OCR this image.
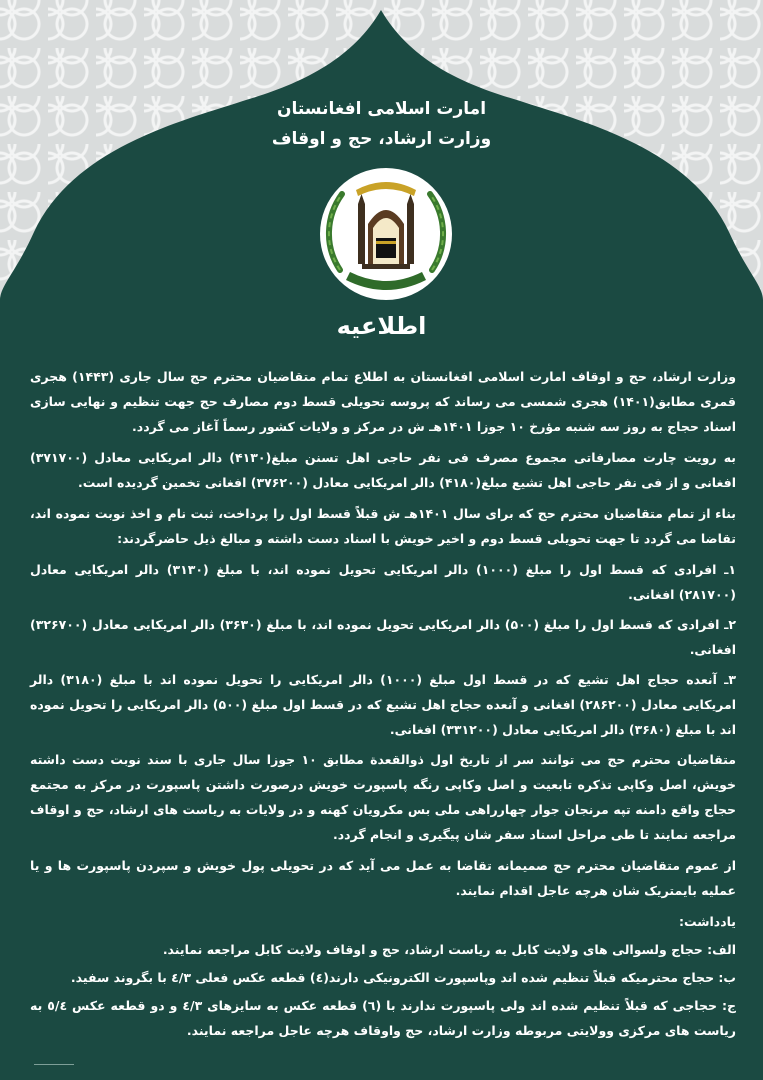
امارت اسلامی افغانستان
وزارت ارشاد، حج و اوقاف
اطلاعیه

وزارت ارشاد، حج و اوقاف امارت اسلامی افغانستان به اطلاع تمام متقاضیان محترم حج سال جاری (۱۴۴۳) هجری قمری مطابق(۱۴۰۱) هجری شمسی می رساند که پروسه تحویلی قسط دوم مصارف حج جهت تنظیم و نهایی سازی اسناد حجاج به روز سه شنبه مؤرخ ۱۰ جوزا ۱۴۰۱هـ ش در مرکز و ولایات کشور رسماً آغاز می گردد.

به رویت چارت مصارفاتی مجموع مصرف فی نفر حاجی اهل تسنن مبلغ(۴۱۳۰) دالر امریکایی معادل (۳۷۱۷۰۰) افغانی و از فی نفر حاجی اهل تشیع مبلغ(۴۱۸۰) دالر امریکایی معادل (۳۷۶۲۰۰) افغانی تخمین گردیده است.

بناء از تمام متقاضیان محترم حج که برای سال ۱۴۰۱هـ ش قبلاً قسط اول را پرداخت، ثبت نام و اخذ نوبت نموده اند، تقاضا می گردد تا جهت تحویلی قسط دوم و اخیر خویش با اسناد دست داشته و مبالغ ذیل حاضرگردند:

۱ـ افرادی که قسط اول را مبلغ (۱۰۰۰) دالر امریکایی تحویل نموده اند، با مبلغ (۳۱۳۰) دالر امریکایی معادل (۲۸۱۷۰۰) افغانی.

۲ـ افرادی که قسط اول را مبلغ (۵۰۰) دالر امریکایی تحویل نموده اند، با مبلغ (۳۶۳۰) دالر امریکایی معادل (۳۲۶۷۰۰) افغانی.

۳ـ آنعده حجاج اهل تشیع که در قسط اول مبلغ (۱۰۰۰) دالر امریکایی را تحویل نموده اند با مبلغ (۳۱۸۰) دالر امریکایی معادل (۲۸۶۲۰۰) افغانی و آنعده حجاج اهل تشیع که در قسط اول مبلغ (۵۰۰) دالر امریکایی را تحویل نموده اند با مبلغ (۳۶۸۰) دالر امریکایی معادل (۳۳۱۲۰۰) افغانی.

متقاضیان محترم حج می توانند سر از تاریخ اول ذوالقعدة مطابق ۱۰ جوزا سال جاری با سند نوبت دست داشته خویش، اصل وکاپی تذکره تابعیت و اصل وکاپی رنگه پاسپورت خویش درصورت داشتن پاسپورت در مرکز به مجتمع حجاج واقع دامنه تپه مرنجان جوار چهارراهی ملی بس مکرویان کهنه و در ولایات به ریاست های ارشاد، حج و اوقاف مراجعه نمایند تا طی مراحل اسناد سفر شان پیگیری و انجام گردد.

از عموم متقاضیان محترم حج صمیمانه تقاضا به عمل می آید که در تحویلی پول خویش و سپردن پاسپورت ها و یا عملیه بایمتریک شان هرچه عاجل اقدام نمایند.

یادداشت:

الف: حجاج ولسوالی های ولایت کابل به ریاست ارشاد، حج و اوقاف ولایت کابل مراجعه نمایند.

ب: حجاج محترمیکه قبلاً تنظیم شده اند وپاسپورت الکترونیکی دارند(٤) قطعه عکس فعلی ٤/٣ با بگروند سفید.

ج: حجاجی که قبلاً تنظیم شده اند ولی پاسپورت ندارند با (٦) قطعه عکس به سایزهای ٤/٣ و دو قطعه عکس ٥/٤ به ریاست های مرکزی وولایتی مربوطه وزارت ارشاد، حج واوقاف هرچه عاجل مراجعه نمایند.
